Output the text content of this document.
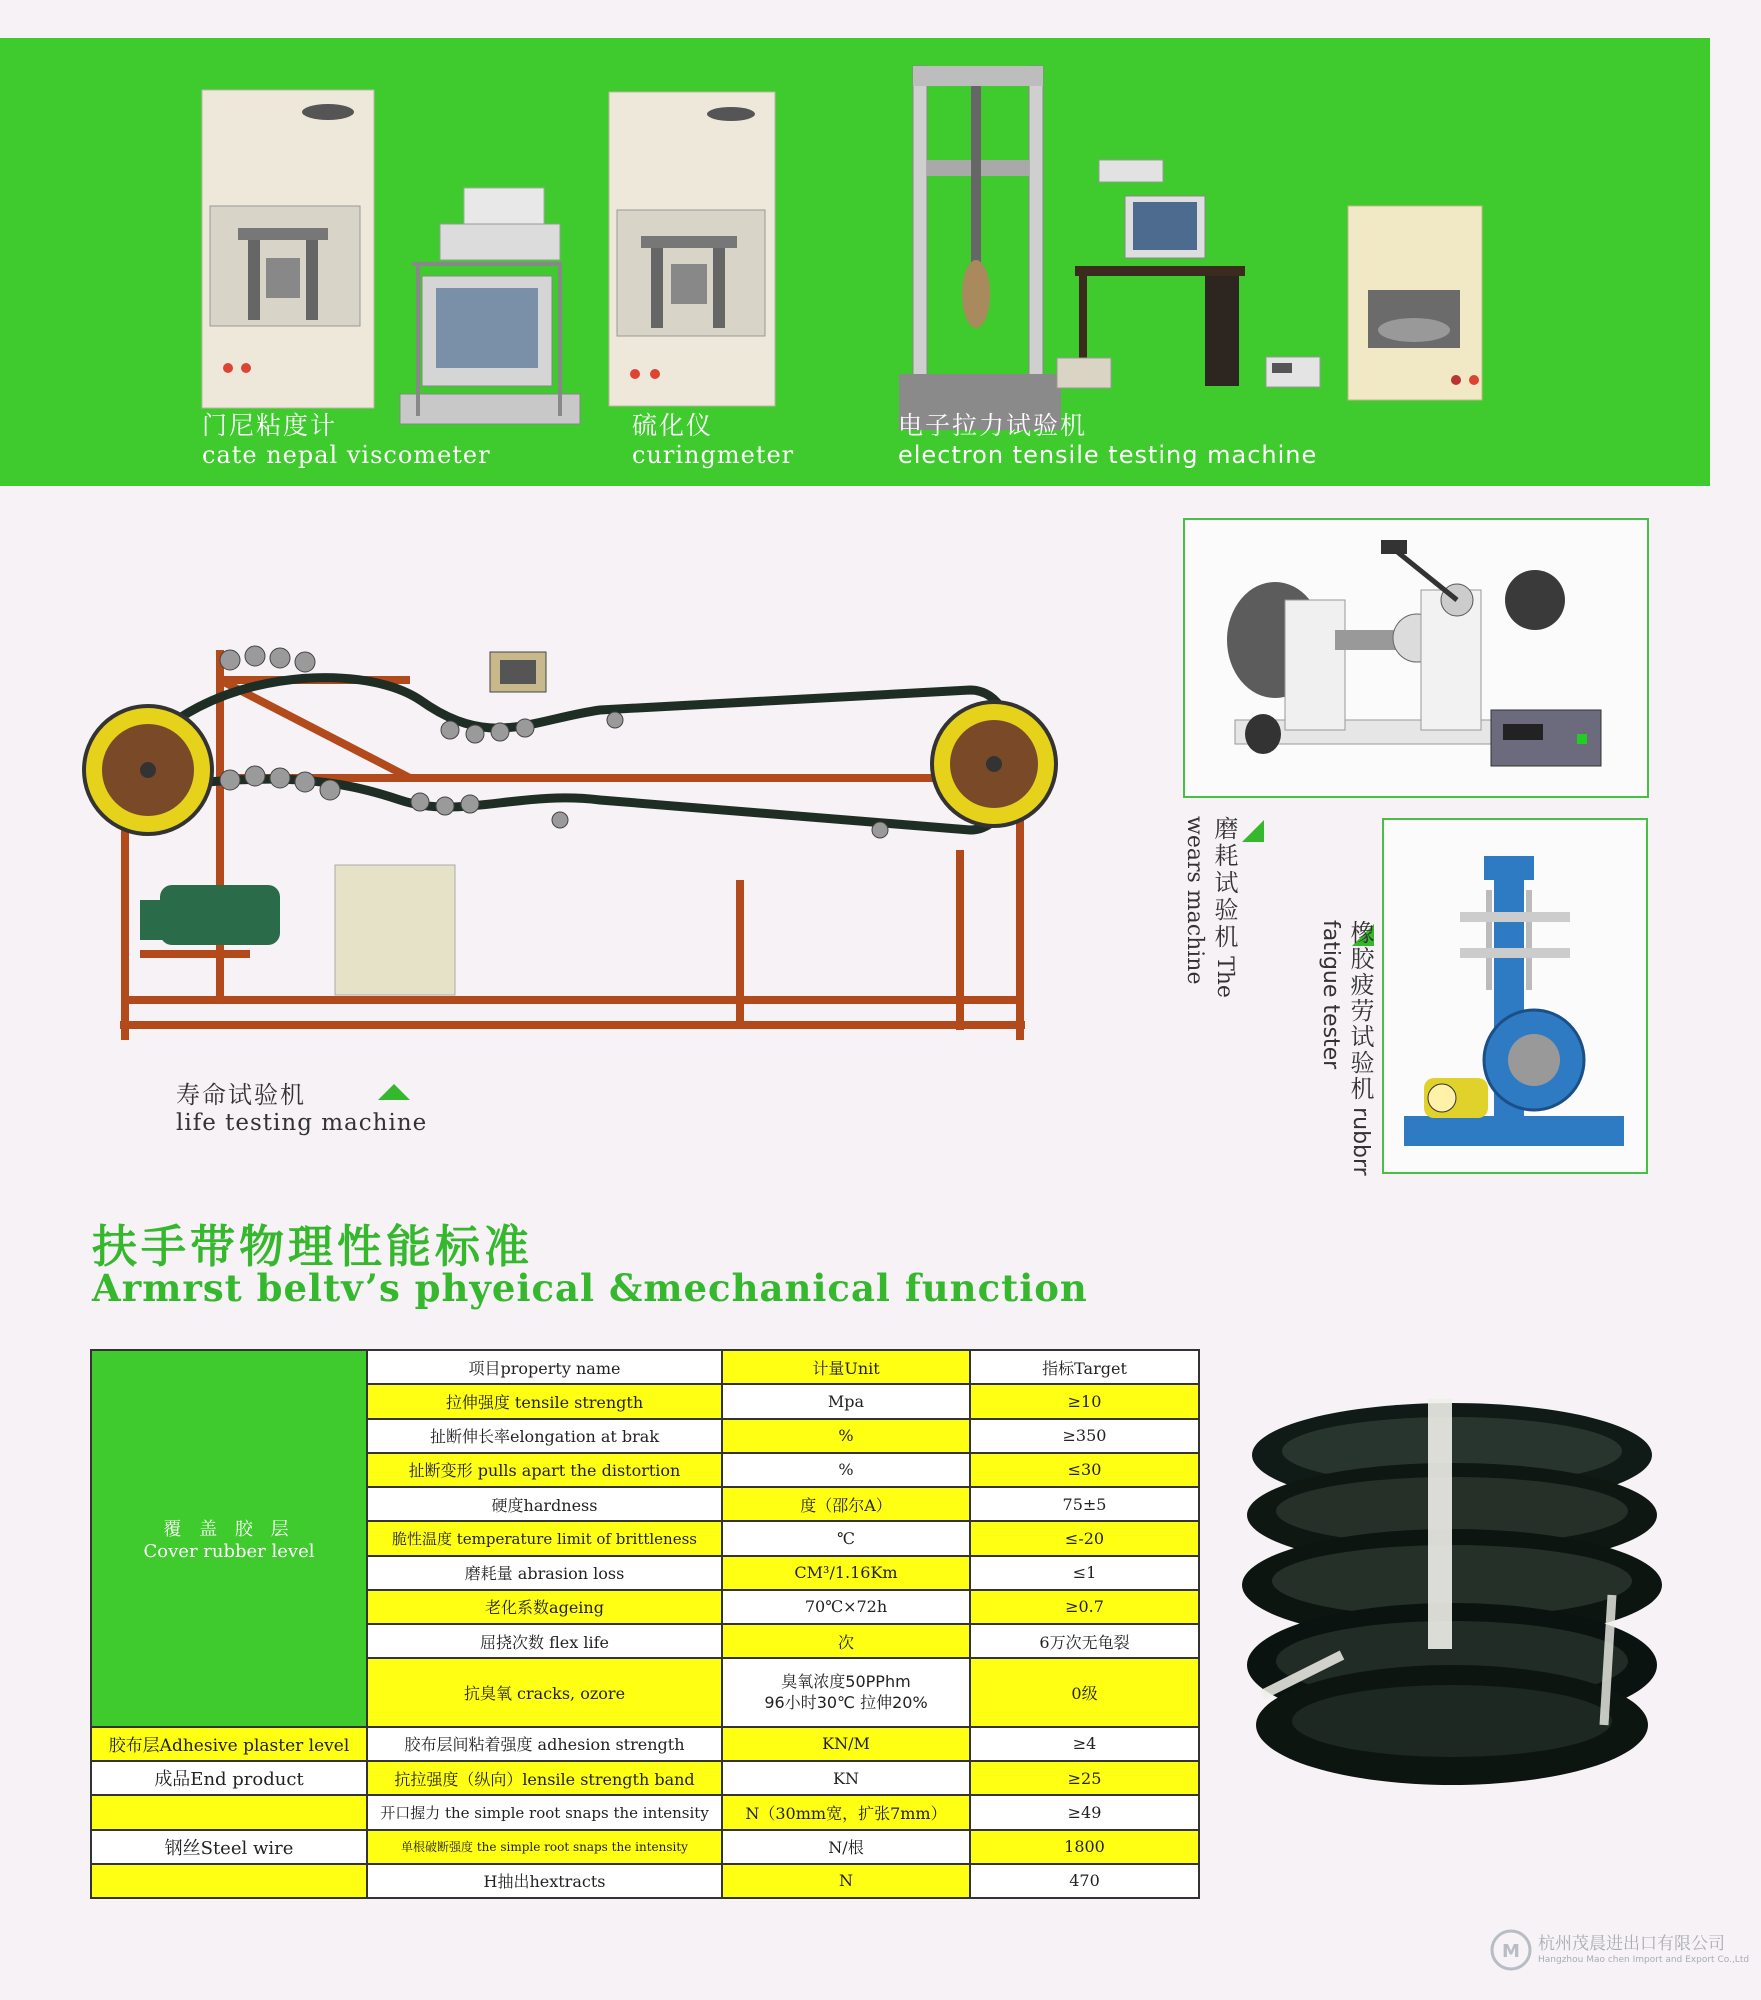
门尼粘度计
cate nepal viscometer
硫化仪
curingmeter
电子拉力试验机
electron tensile testing machine
寿命试验机
life testing machine
磨耗试验机 The wears machine
橡胶疲劳试验机 rubbrr fatigue tester
扶手带物理性能标准
Armrst beltv’s phyeical &mechanical function
覆 盖 胶 层
Cover rubber level	项目property name	计量Unit	指标Target
	拉伸强度 tensile strength	Mpa	≥10
	扯断伸长率elongation at brak	%	≥350
	扯断变形 pulls apart the distortion	%	≤30
	硬度hardness	度（邵尔A）	75±5
	脆性温度 temperature limit of brittleness	℃	≤-20
	磨耗量 abrasion loss	CM³/1.16Km	≤1
	老化系数ageing	70℃×72h	≥0.7
	屈挠次数 flex life	次	6万次无龟裂
	抗臭氧 cracks, ozore	臭氧浓度50PPhm
96小时30℃ 拉伸20%	0级
胶布层Adhesive plaster level	胶布层间粘着强度 adhesion strength	KN/M	≥4
成品End product	抗拉强度（纵向）lensile strength band	KN	≥25
	开口握力 the simple root snaps the intensity	N（30mm宽，扩张7mm）	≥49
钢丝Steel wire	单根破断强度 the simple root snaps the intensity	N/根	1800
	H抽出hextracts	N	470
M 杭州茂晨进出口有限公司
Hangzhou Mao chen Import and Export Co.,Ltd
